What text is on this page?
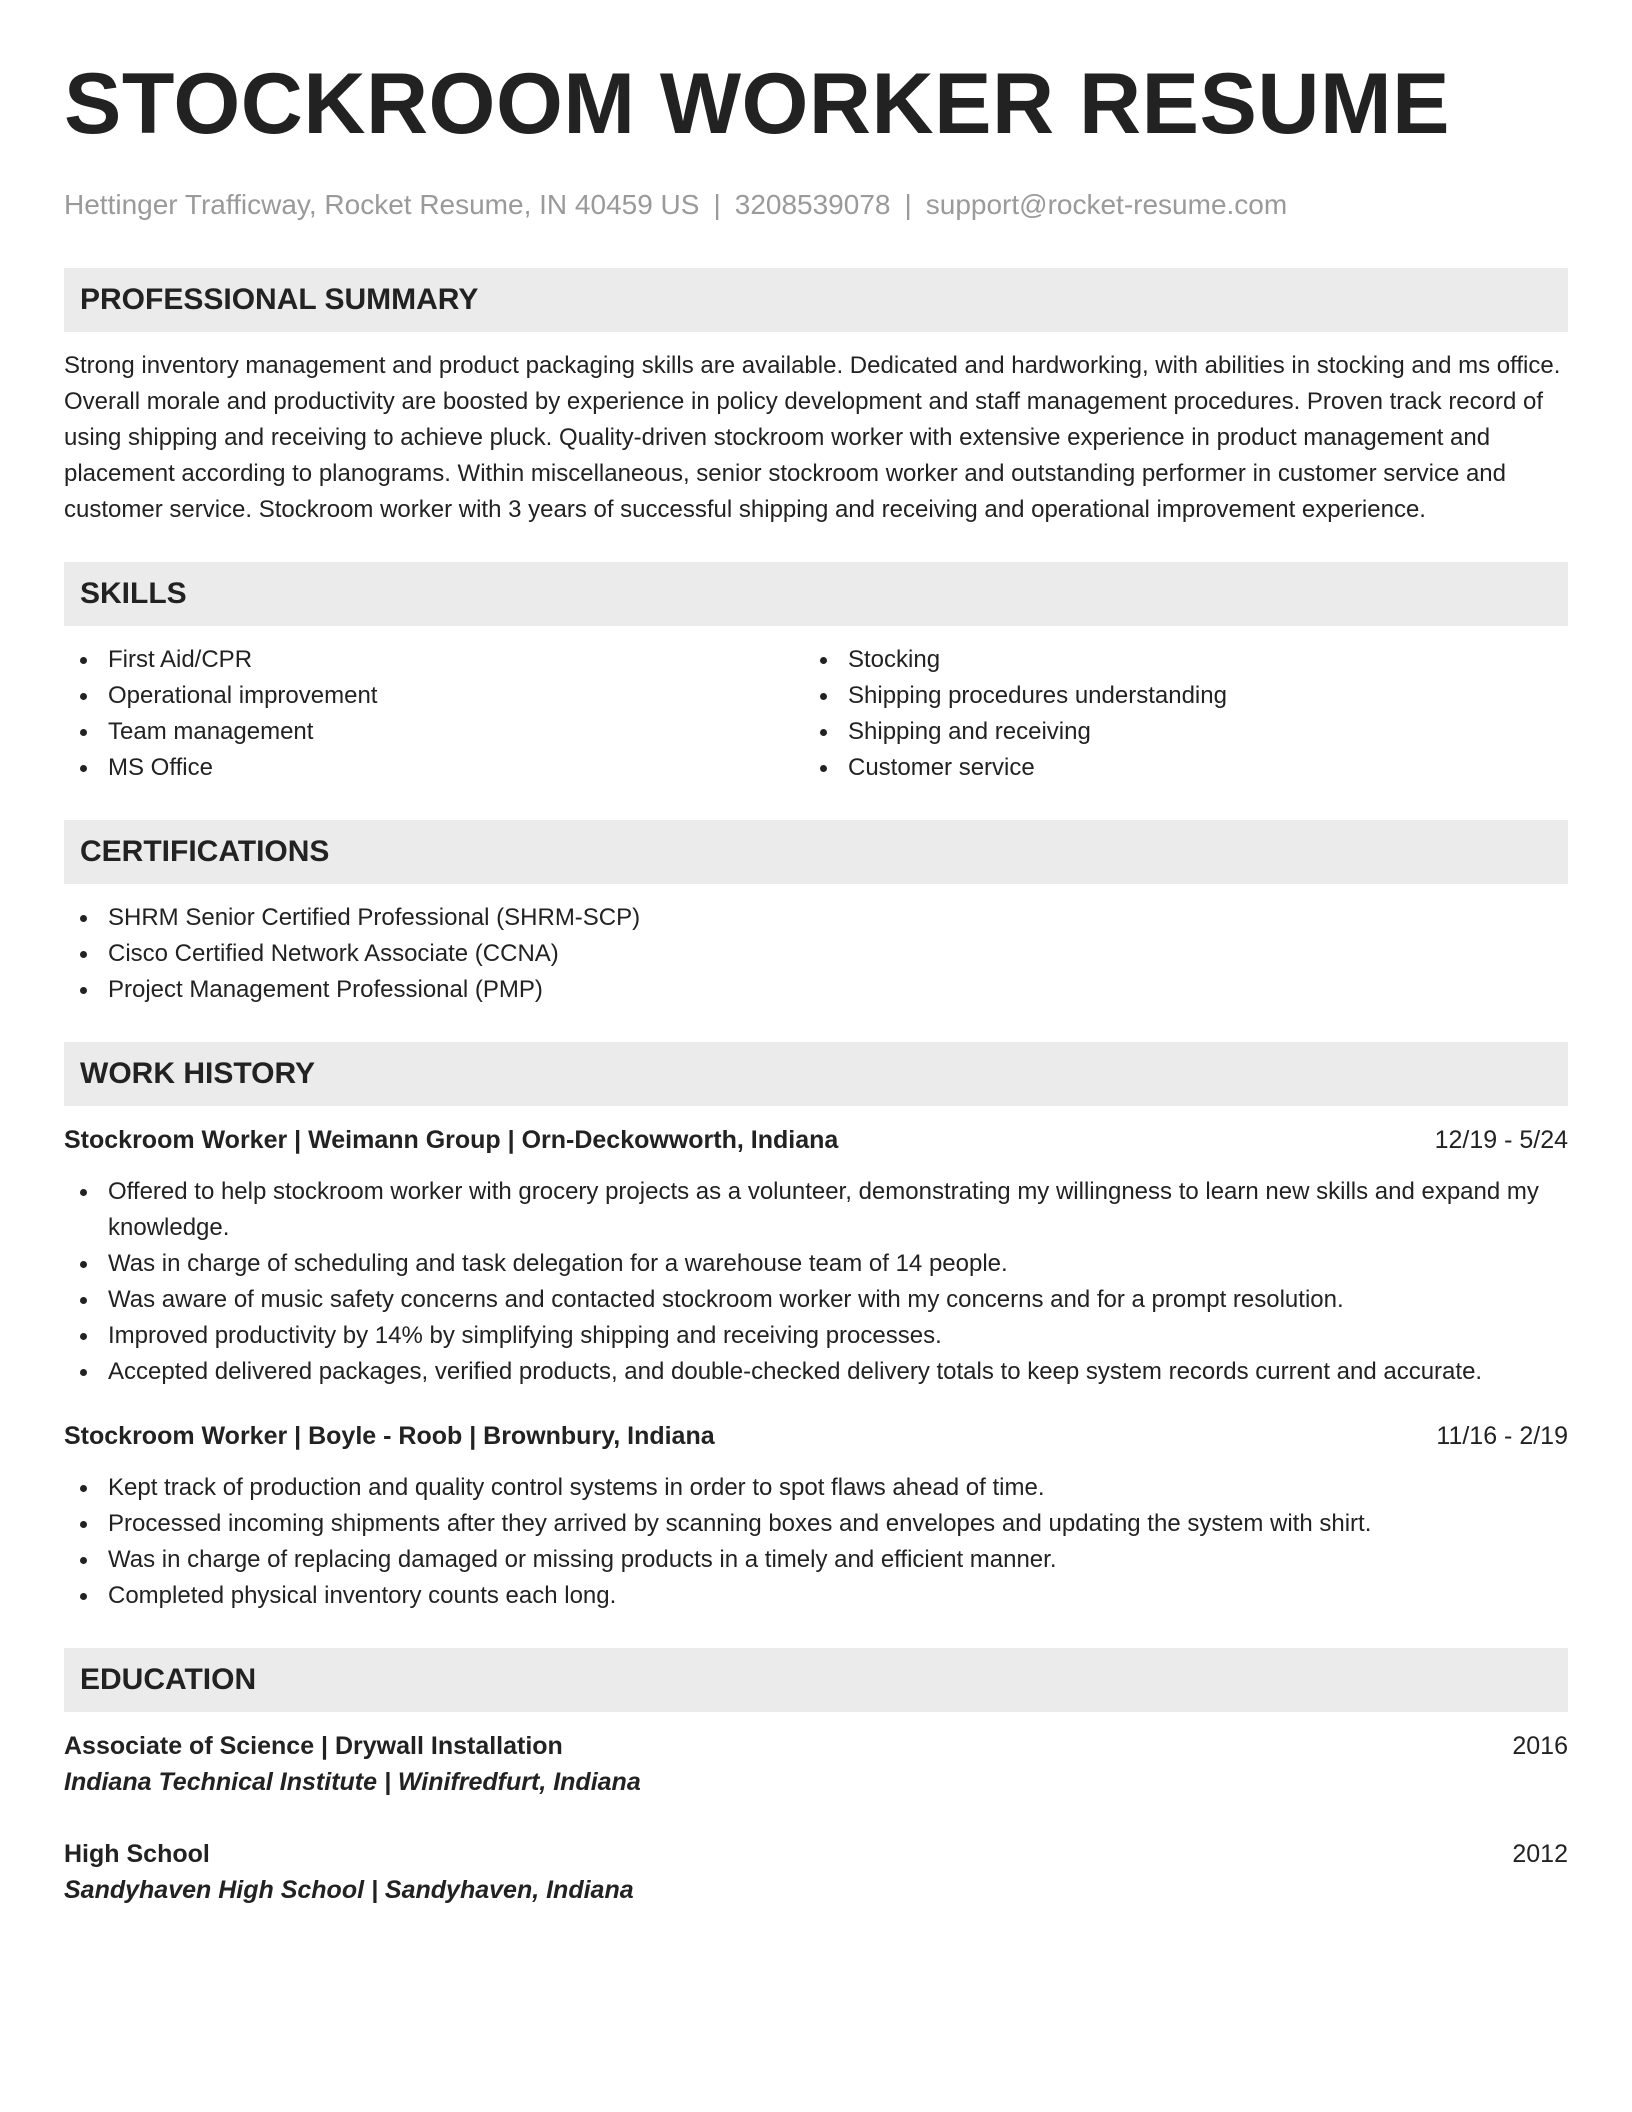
STOCKROOM WORKER RESUME
Hettinger Trafficway, Rocket Resume, IN 40459 US | 3208539078 | support@rocket-resume.com
PROFESSIONAL SUMMARY

Strong inventory management and product packaging skills are available. Dedicated and hardworking, with abilities in stocking and ms office. Overall morale and productivity are boosted by experience in policy development and staff management procedures. Proven track record of using shipping and receiving to achieve pluck. Quality-driven stockroom worker with extensive experience in product management and placement according to planograms. Within miscellaneous, senior stockroom worker and outstanding performer in customer service and customer service. Stockroom worker with 3 years of successful shipping and receiving and operational improvement experience.

SKILLS
First Aid/CPR
Operational improvement
Team management
MS Office
Stocking
Shipping procedures understanding
Shipping and receiving
Customer service
CERTIFICATIONS
SHRM Senior Certified Professional (SHRM-SCP)
Cisco Certified Network Associate (CCNA)
Project Management Professional (PMP)
WORK HISTORY
Stockroom Worker | Weimann Group | Orn-Deckowworth, Indiana	12/19 - 5/24
Offered to help stockroom worker with grocery projects as a volunteer, demonstrating my willingness to learn new skills and expand my knowledge.
Was in charge of scheduling and task delegation for a warehouse team of 14 people.
Was aware of music safety concerns and contacted stockroom worker with my concerns and for a prompt resolution.
Improved productivity by 14% by simplifying shipping and receiving processes.
Accepted delivered packages, verified products, and double-checked delivery totals to keep system records current and accurate.
Stockroom Worker | Boyle - Roob | Brownbury, Indiana	11/16 - 2/19
Kept track of production and quality control systems in order to spot flaws ahead of time.
Processed incoming shipments after they arrived by scanning boxes and envelopes and updating the system with shirt.
Was in charge of replacing damaged or missing products in a timely and efficient manner.
Completed physical inventory counts each long.
EDUCATION
Associate of Science | Drywall Installation	2016
Indiana Technical Institute | Winifredfurt, Indiana
High School	2012
Sandyhaven High School | Sandyhaven, Indiana
